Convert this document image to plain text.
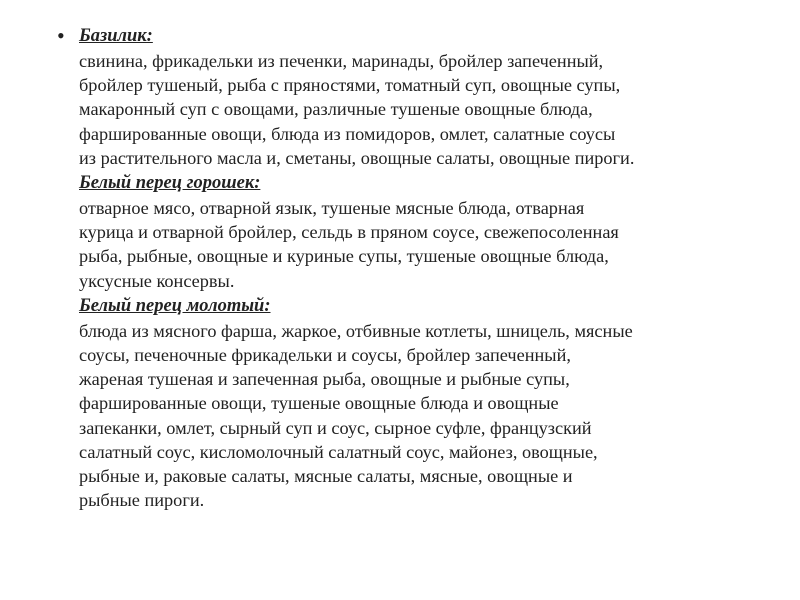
• Базилик:
свинина, фрикадельки из печенки, маринады, бройлер запеченный,
бройлер тушеный, рыба с пряностями, томатный суп, овощные супы,
макаронный суп с овощами, различные тушеные овощные блюда,
фаршированные овощи, блюда из помидоров, омлет, салатные соусы
из растительного масла и, сметаны, овощные салаты, овощные пироги.
Белый перец горошек:
отварное мясо, отварной язык, тушеные мясные блюда, отварная
курица и отварной бройлер, сельдь в пряном соусе, свежепосоленная
рыба, рыбные, овощные и куриные супы, тушеные овощные блюда,
уксусные консервы.
Белый перец молотый:
блюда из мясного фарша, жаркое, отбивные котлеты, шницель, мясные
соусы, печеночные фрикадельки и соусы, бройлер запеченный,
жареная тушеная и запеченная рыба, овощные и рыбные супы,
фаршированные овощи, тушеные овощные блюда и овощные
запеканки, омлет, сырный суп и соус, сырное суфле, французский
салатный соус, кисломолочный салатный соус, майонез, овощные,
рыбные и, раковые салаты, мясные салаты, мясные, овощные и
рыбные пироги.
